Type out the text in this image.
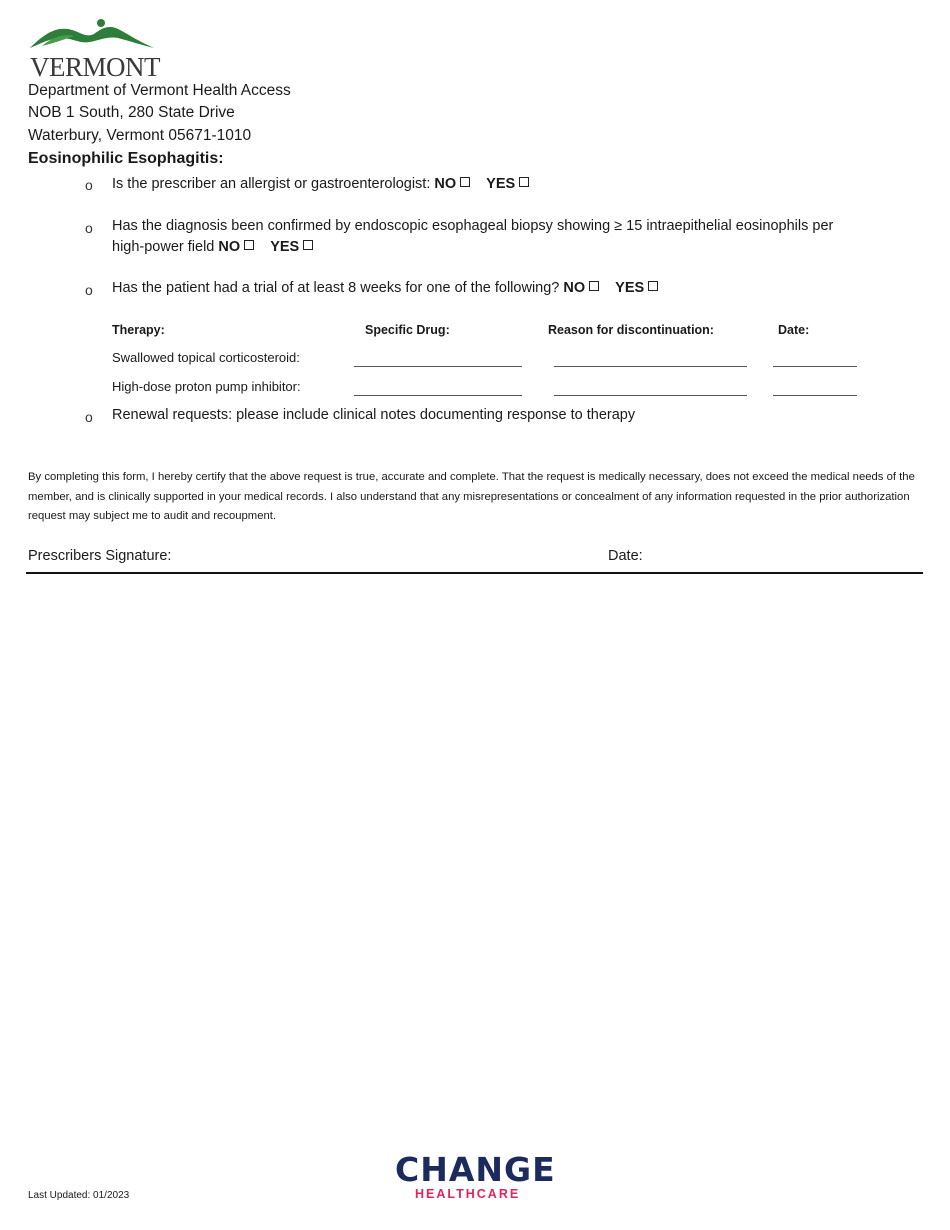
VERMONT
Department of Vermont Health Access
NOB 1 South, 280 State Drive
Waterbury, Vermont 05671-1010
Eosinophilic Esophagitis:
o Is the prescriber an allergist or gastroenterologist: NO YES
o Has the diagnosis been confirmed by endoscopic esophageal biopsy showing ≥ 15 intraepithelial eosinophils per
high-power field NO YES
o Has the patient had a trial of at least 8 weeks for one of the following? NO YES
Therapy:	Specific Drug:	Reason for discontinuation:	Date:
Swallowed topical corticosteroid:
High-dose proton pump inhibitor:
o Renewal requests: please include clinical notes documenting response to therapy
By completing this form, I hereby certify that the above request is true, accurate and complete. That the request is medically necessary, does not exceed the medical needs of the member, and is clinically supported in your medical records. I also understand that any misrepresentations or concealment of any information requested in the prior authorization request may subject me to audit and recoupment.
Prescribers Signature:	Date:
Last Updated: 01/2023
CHANGE
HEALTHCARE
